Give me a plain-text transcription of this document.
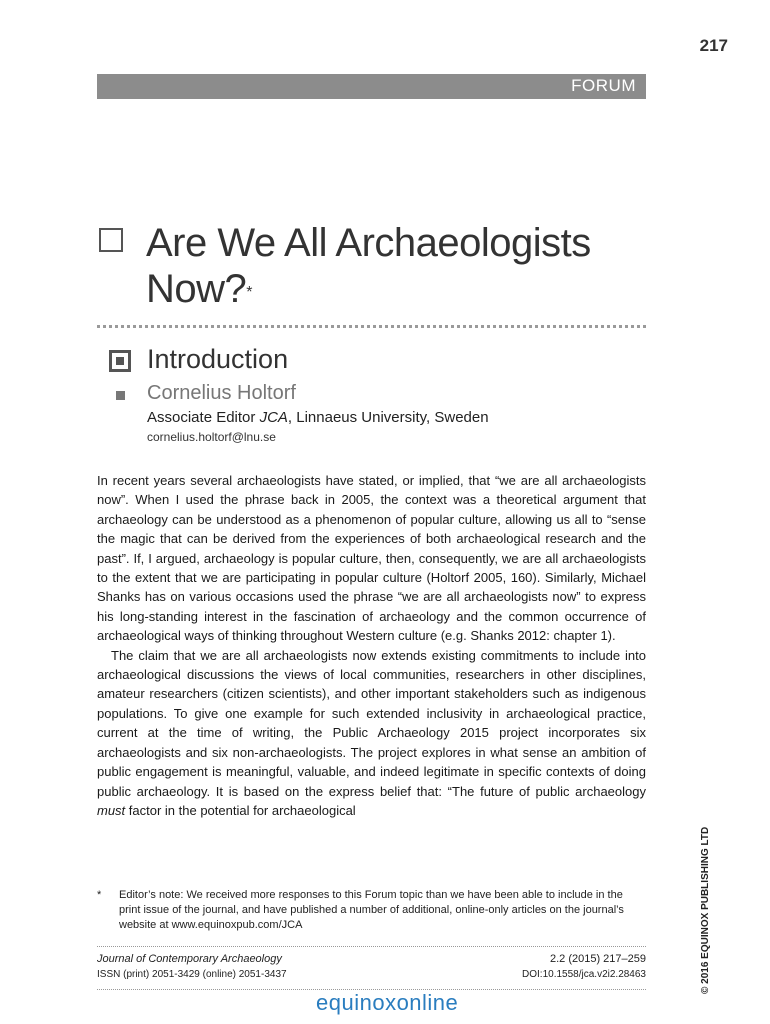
217
FORUM
Are We All Archaeologists Now?*
Introduction
Cornelius Holtorf
Associate Editor JCA, Linnaeus University, Sweden
cornelius.holtorf@lnu.se

In recent years several archaeologists have stated, or implied, that “we are all archaeologists now”. When I used the phrase back in 2005, the context was a theoretical argument that archaeology can be understood as a phenomenon of popular culture, allowing us all to “sense the magic that can be derived from the experiences of both archaeological research and the past”. If, I argued, archaeology is popular culture, then, consequently, we are all archaeologists to the extent that we are participating in popular culture (Holtorf 2005, 160). Similarly, Michael Shanks has on various occasions used the phrase “we are all archaeologists now” to express his long-standing interest in the fascination of archaeology and the common occurrence of archaeological ways of thinking throughout Western culture (e.g. Shanks 2012: chapter 1).

The claim that we are all archaeologists now extends existing commitments to include into archaeological discussions the views of local communities, researchers in other disciplines, amateur researchers (citizen scientists), and other important stakeholders such as indigenous populations. To give one example for such extended inclusivity in archaeological practice, current at the time of writing, the Public Archaeology 2015 project incorporates six archaeologists and six non-archaeologists. The project explores in what sense an ambition of public engagement is meaningful, valuable, and indeed legitimate in specific contexts of doing public archaeology. It is based on the express belief that: “The future of public archaeology must factor in the potential for archaeological

* Editor’s note: We received more responses to this Forum topic than we have been able to include in the print issue of the journal, and have published a number of additional, online-only articles on the journal’s website at www.equinoxpub.com/JCA
Journal of Contemporary Archaeology
ISSN (print) 2051-3429 (online) 2051-3437
2.2 (2015) 217–259
DOI:10.1558/jca.v2i2.28463
equinoxonline
© 2016 EQUINOX PUBLISHING LTD
